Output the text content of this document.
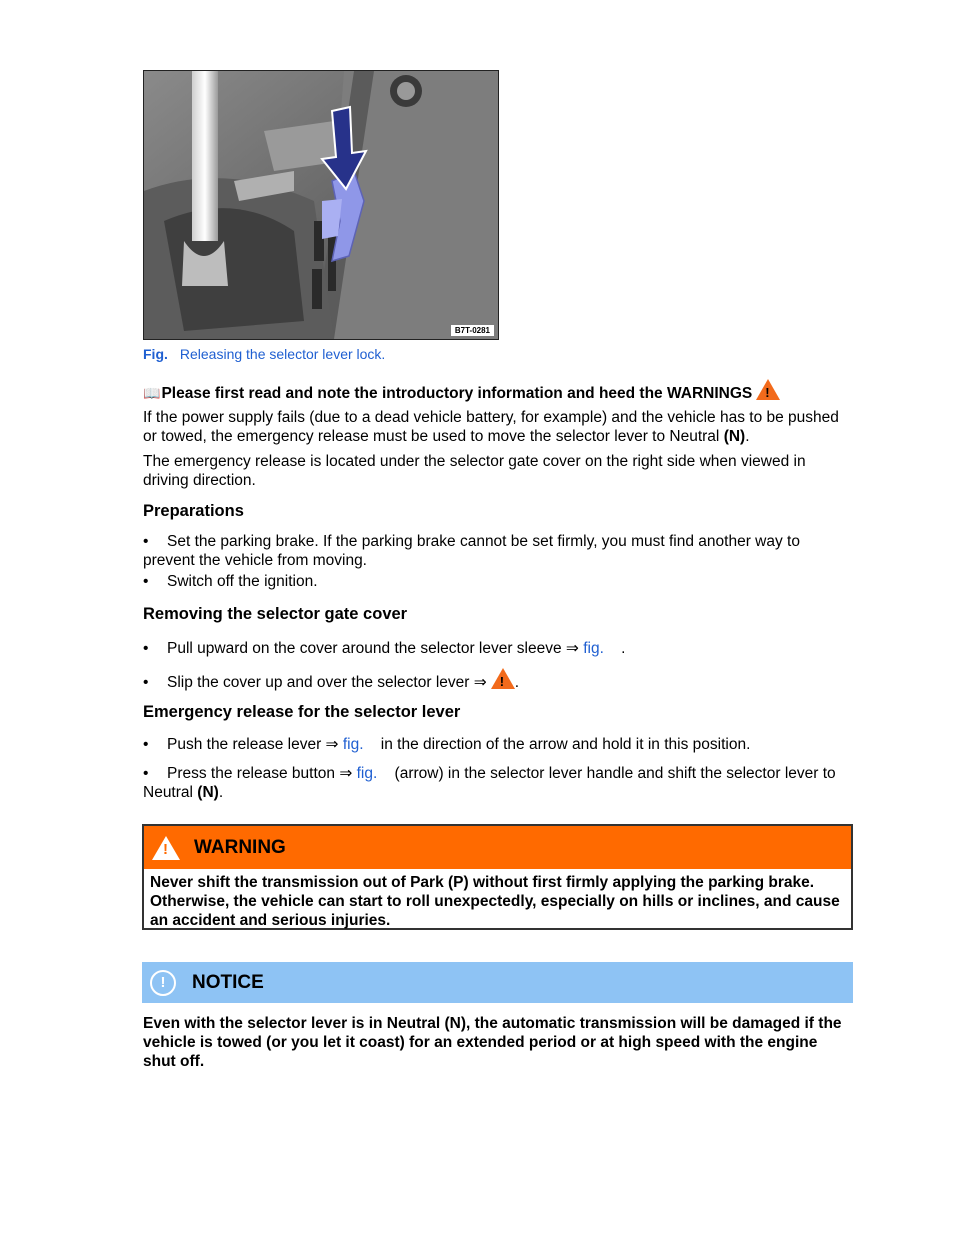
B7T-0281
Fig. Releasing the selector lever lock.
📖Please first read and note the introductory information and heed the WARNINGS!
If the power supply fails (due to a dead vehicle battery, for example) and the vehicle has to be pushed or towed, the emergency release must be used to move the selector lever to Neutral (N).
The emergency release is located under the selector gate cover on the right side when viewed in driving direction.
Preparations
• Set the parking brake. If the parking brake cannot be set firmly, you must find another way to prevent the vehicle from moving.
• Switch off the ignition.
Removing the selector gate cover
• Pull upward on the cover around the selector lever sleeve ⇒ fig. .
• Slip the cover up and over the selector lever ⇒! .
Emergency release for the selector lever
• Push the release lever ⇒ fig. in the direction of the arrow and hold it in this position.
• Press the release button ⇒ fig. (arrow) in the selector lever handle and shift the selector lever to Neutral (N).
!
WARNING
Never shift the transmission out of Park (P) without first firmly applying the parking brake. Otherwise, the vehicle can start to roll unexpectedly, especially on hills or inclines, and cause an accident and serious injuries.
!	NOTICE
Even with the selector lever is in Neutral (N), the automatic transmission will be damaged if the vehicle is towed (or you let it coast) for an extended period or at high speed with the engine shut off.
